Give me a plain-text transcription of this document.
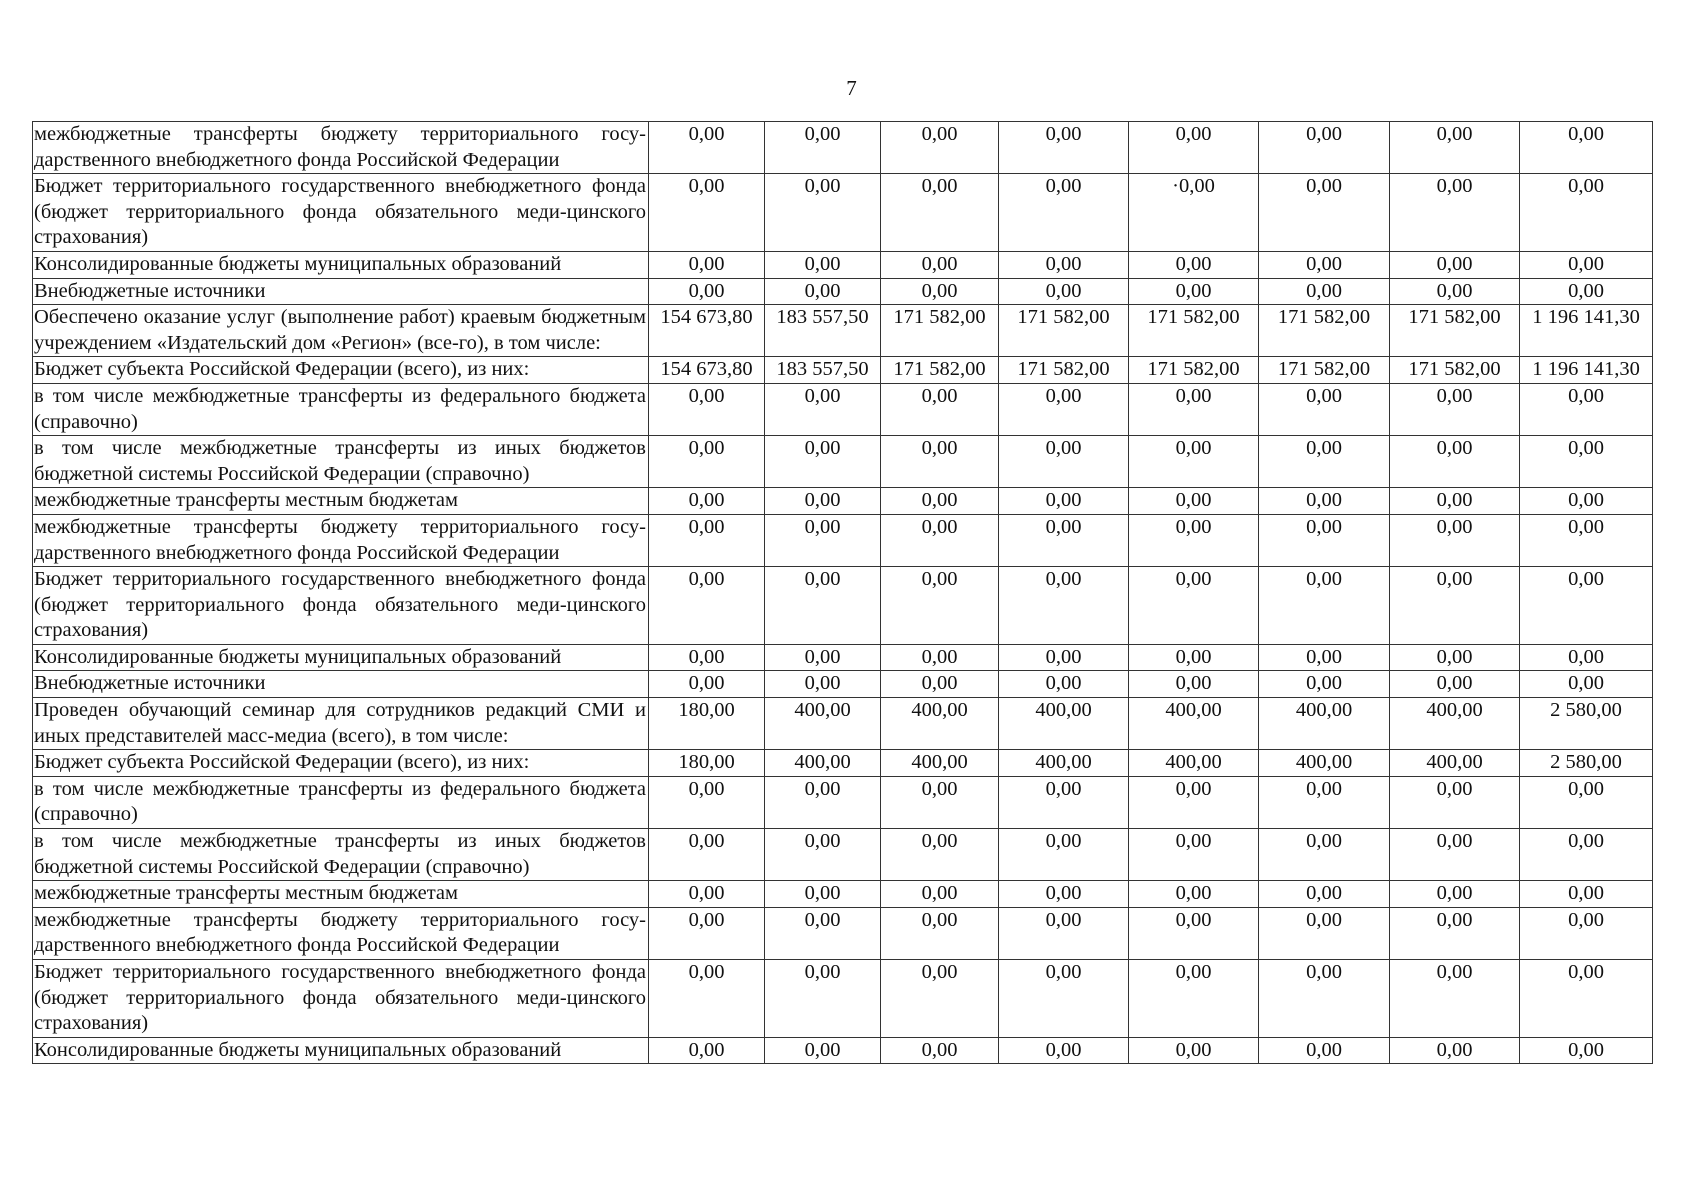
7
межбюджетные трансферты бюджету территориального госу-дарственного внебюджетного фонда Российской Федерации	0,00	0,00	0,00	0,00	0,00	0,00	0,00	0,00
Бюджет территориального государственного внебюджетного фонда (бюджет территориального фонда обязательного меди-цинского страхования)	0,00	0,00	0,00	0,00	·0,00	0,00	0,00	0,00
Консолидированные бюджеты муниципальных образований	0,00	0,00	0,00	0,00	0,00	0,00	0,00	0,00
Внебюджетные источники	0,00	0,00	0,00	0,00	0,00	0,00	0,00	0,00
Обеспечено оказание услуг (выполнение работ) краевым бюджетным учреждением «Издательский дом «Регион» (все-го), в том числе:	154 673,80	183 557,50	171 582,00	171 582,00	171 582,00	171 582,00	171 582,00	1 196 141,30
Бюджет субъекта Российской Федерации (всего), из них:	154 673,80	183 557,50	171 582,00	171 582,00	171 582,00	171 582,00	171 582,00	1 196 141,30
в том числе межбюджетные трансферты из федерального бюджета (справочно)	0,00	0,00	0,00	0,00	0,00	0,00	0,00	0,00
в том числе межбюджетные трансферты из иных бюджетов бюджетной системы Российской Федерации (справочно)	0,00	0,00	0,00	0,00	0,00	0,00	0,00	0,00
межбюджетные трансферты местным бюджетам	0,00	0,00	0,00	0,00	0,00	0,00	0,00	0,00
межбюджетные трансферты бюджету территориального госу-дарственного внебюджетного фонда Российской Федерации	0,00	0,00	0,00	0,00	0,00	0,00	0,00	0,00
Бюджет территориального государственного внебюджетного фонда (бюджет территориального фонда обязательного меди-цинского страхования)	0,00	0,00	0,00	0,00	0,00	0,00	0,00	0,00
Консолидированные бюджеты муниципальных образований	0,00	0,00	0,00	0,00	0,00	0,00	0,00	0,00
Внебюджетные источники	0,00	0,00	0,00	0,00	0,00	0,00	0,00	0,00
Проведен обучающий семинар для сотрудников редакций СМИ и иных представителей масс-медиа (всего), в том числе:	180,00	400,00	400,00	400,00	400,00	400,00	400,00	2 580,00
Бюджет субъекта Российской Федерации (всего), из них:	180,00	400,00	400,00	400,00	400,00	400,00	400,00	2 580,00
в том числе межбюджетные трансферты из федерального бюджета (справочно)	0,00	0,00	0,00	0,00	0,00	0,00	0,00	0,00
в том числе межбюджетные трансферты из иных бюджетов бюджетной системы Российской Федерации (справочно)	0,00	0,00	0,00	0,00	0,00	0,00	0,00	0,00
межбюджетные трансферты местным бюджетам	0,00	0,00	0,00	0,00	0,00	0,00	0,00	0,00
межбюджетные трансферты бюджету территориального госу-дарственного внебюджетного фонда Российской Федерации	0,00	0,00	0,00	0,00	0,00	0,00	0,00	0,00
Бюджет территориального государственного внебюджетного фонда (бюджет территориального фонда обязательного меди-цинского страхования)	0,00	0,00	0,00	0,00	0,00	0,00	0,00	0,00
Консолидированные бюджеты муниципальных образований	0,00	0,00	0,00	0,00	0,00	0,00	0,00	0,00
